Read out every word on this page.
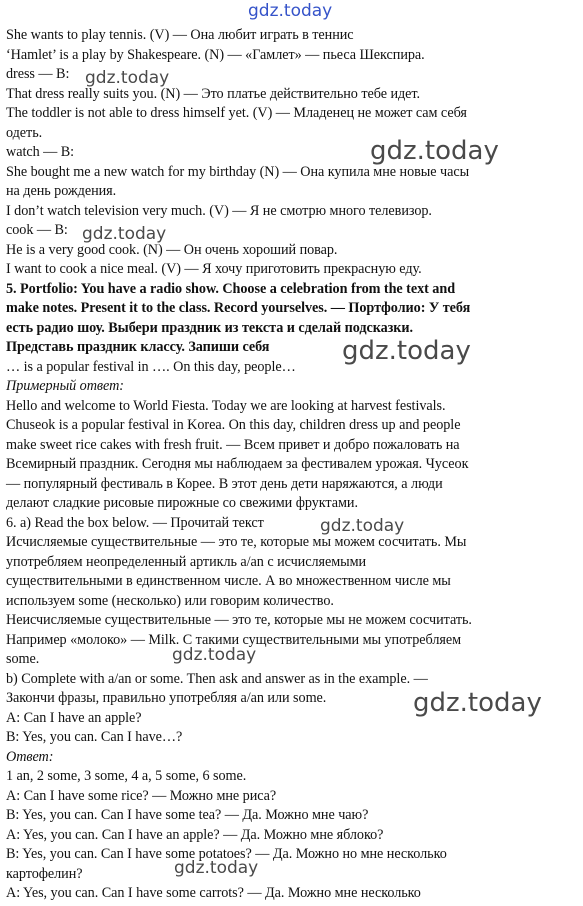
She wants to play tennis. (V) — Она любит играть в теннис
‘Hamlet’ is a play by Shakespeare. (N) — «Гамлет» — пьеса Шекспира.
dress — B:
That dress really suits you. (N) — Это платье действительно тебе идет.
The toddler is not able to dress himself yet. (V) — Младенец не может сам себя
одеть.
watch — B:
She bought me a new watch for my birthday (N) — Она купила мне новые часы
на день рождения.
I don’t watch television very much. (V) — Я не смотрю много телевизор.
cook — B:
He is a very good cook. (N) — Он очень хороший повар.
I want to cook a nice meal. (V) — Я хочу приготовить прекрасную еду.
5. Portfolio: You have a radio show. Choose a celebration from the text and
make notes. Present it to the class. Record yourselves. — Портфолио: У тебя
есть радио шоу. Выбери праздник из текста и сделай подсказки.
Представь праздник классу. Запиши себя
… is a popular festival in …. On this day, people…
Примерный ответ:
Hello and welcome to World Fiesta. Today we are looking at harvest festivals.
Chuseok is a popular festival in Korea. On this day, children dress up and people
make sweet rice cakes with fresh fruit. — Всем привет и добро пожаловать на
Всемирный праздник. Сегодня мы наблюдаем за фестивалем урожая. Чусеок
— популярный фестиваль в Корее. В этот день дети наряжаются, а люди
делают сладкие рисовые пирожные со свежими фруктами.
6. a) Read the box below. — Прочитай текст
Исчисляемые существительные — это те, которые мы можем сосчитать. Мы
употребляем неопределенный артикль a/an с исчисляемыми
существительными в единственном числе. А во множественном числе мы
используем some (несколько) или говорим количество.
Неисчисляемые существительные — это те, которые мы не можем сосчитать.
Например «молоко» — Milk. С такими существительными мы употребляем
some.
b) Complete with a/an or some. Then ask and answer as in the example. —
Закончи фразы, правильно употребляя a/an или some.
A: Can I have an apple?
B: Yes, you can. Can I have…?
Ответ:
1 an, 2 some, 3 some, 4 a, 5 some, 6 some.
A: Can I have some rice? — Можно мне риса?
B: Yes, you can. Can I have some tea? — Да. Можно мне чаю?
A: Yes, you can. Can I have an apple? — Да. Можно мне яблоко?
B: Yes, you can. Can I have some potatoes? — Да. Можно но мне несколько
картофелин?
A: Yes, you can. Can I have some carrots? — Да. Можно мне несколько
gdz.today
gdz.today
gdz.today
gdz.today
gdz.today
gdz.today
gdz.today
gdz.today
gdz.today
